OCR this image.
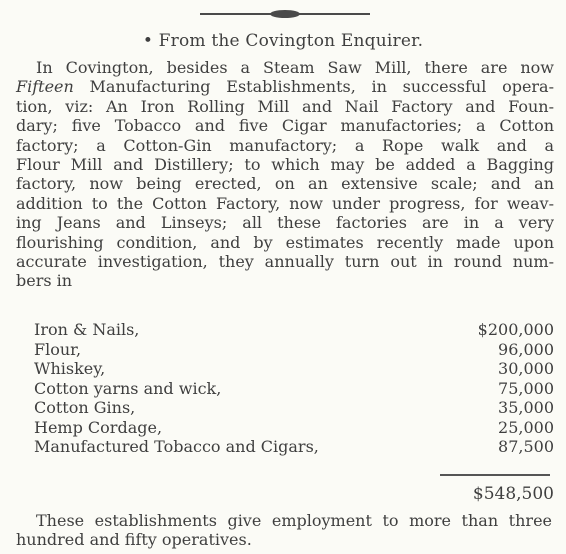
• From the Covington Enquirer.
In Covington, besides a Steam Saw Mill, there are now
Fifteen Manufacturing Establishments, in successful opera-
tion, viz: An Iron Rolling Mill and Nail Factory and Foun-
dary; five Tobacco and five Cigar manufactories; a Cotton
factory; a Cotton-Gin manufactory; a Rope walk and a
Flour Mill and Distillery; to which may be added a Bagging
factory, now being erected, on an extensive scale; and an
addition to the Cotton Factory, now under progress, for weav-
ing Jeans and Linseys; all these factories are in a very
flourishing condition, and by estimates recently made upon
accurate investigation, they annually turn out in round num-
bers in
Iron & Nails,	$200,000
Flour,	96,000
Whiskey,	30,000
Cotton yarns and wick,	75,000
Cotton Gins,	35,000
Hemp Cordage,	25,000
Manufactured Tobacco and Cigars,	87,500
$548,500
These establishments give employment to more than three
hundred and fifty operatives.
